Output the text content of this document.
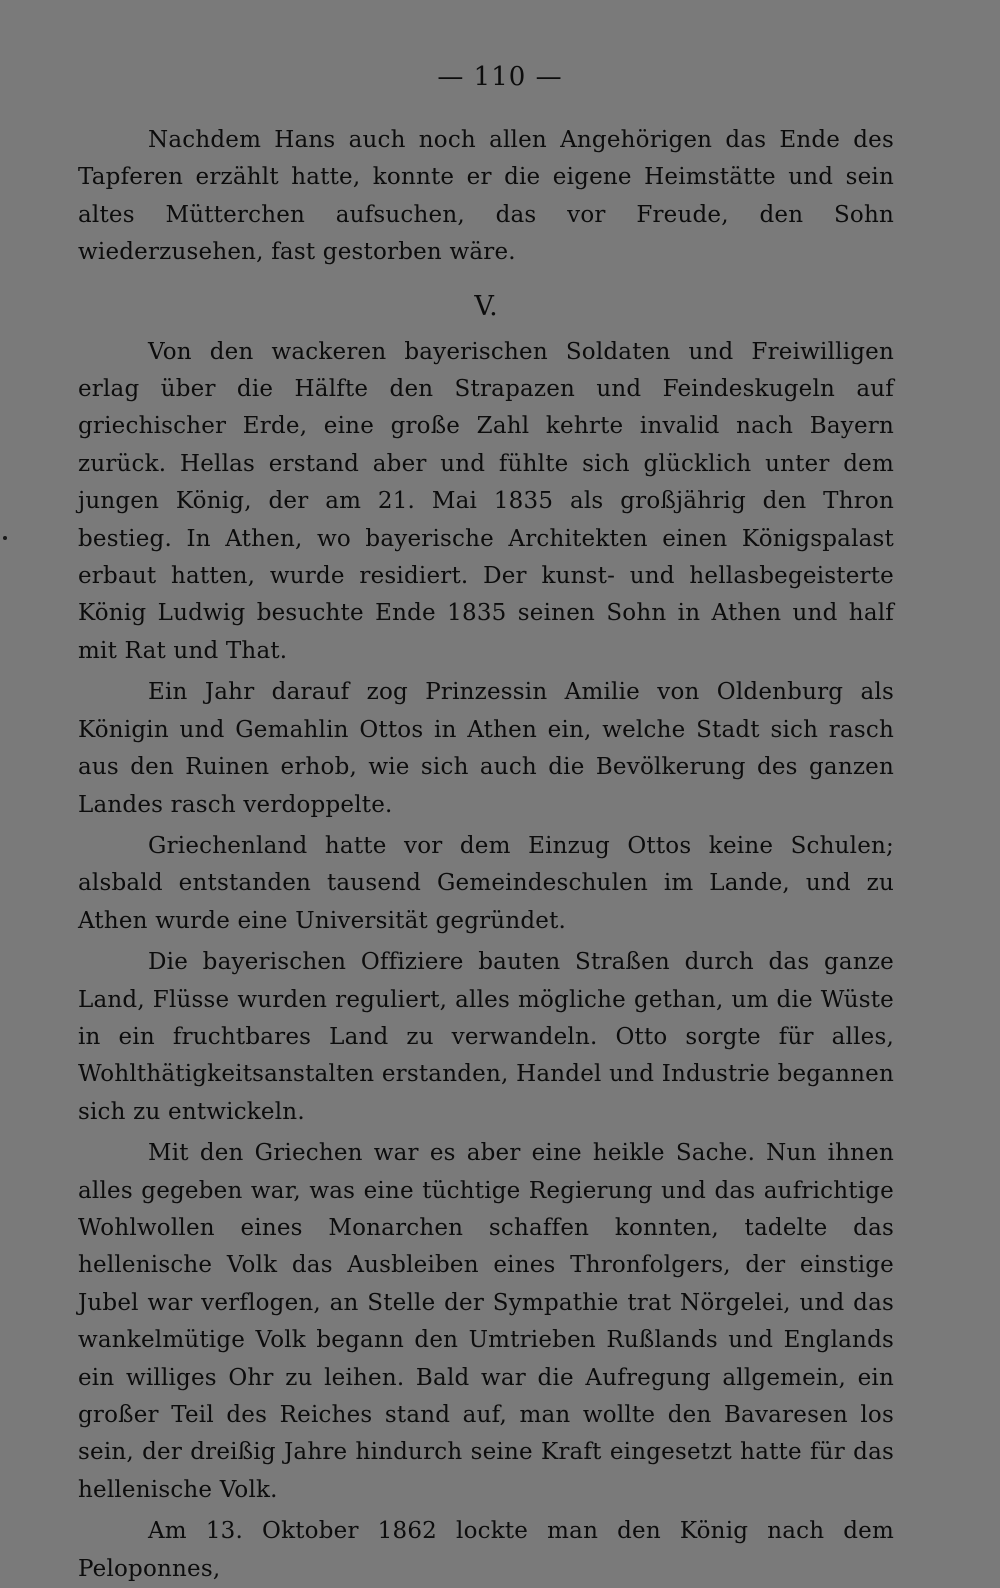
— 110 —

Nachdem Hans auch noch allen Angehörigen das Ende des Tapferen erzählt hatte, konnte er die eigene Heimstätte und sein altes Mütterchen aufsuchen, das vor Freude, den Sohn wiederzusehen, fast gestorben wäre.

V.

Von den wackeren bayerischen Soldaten und Freiwilligen erlag über die Hälfte den Strapazen und Feindeskugeln auf griechischer Erde, eine große Zahl kehrte invalid nach Bayern zurück. Hellas erstand aber und fühlte sich glücklich unter dem jungen König, der am 21. Mai 1835 als großjährig den Thron bestieg. In Athen, wo bayerische Architekten einen Königspalast erbaut hatten, wurde residiert. Der kunst- und hellasbegeisterte König Ludwig besuchte Ende 1835 seinen Sohn in Athen und half mit Rat und That.

Ein Jahr darauf zog Prinzessin Amilie von Oldenburg als Königin und Gemahlin Ottos in Athen ein, welche Stadt sich rasch aus den Ruinen erhob, wie sich auch die Bevölkerung des ganzen Landes rasch verdoppelte.

Griechenland hatte vor dem Einzug Ottos keine Schulen; alsbald entstanden tausend Gemeindeschulen im Lande, und zu Athen wurde eine Universität gegründet.

Die bayerischen Offiziere bauten Straßen durch das ganze Land, Flüsse wurden reguliert, alles mögliche gethan, um die Wüste in ein fruchtbares Land zu verwandeln. Otto sorgte für alles, Wohlthätigkeitsanstalten erstanden, Handel und Industrie begannen sich zu entwickeln.

Mit den Griechen war es aber eine heikle Sache. Nun ihnen alles gegeben war, was eine tüchtige Regierung und das aufrichtige Wohlwollen eines Monarchen schaffen konnten, tadelte das hellenische Volk das Ausbleiben eines Thronfolgers, der einstige Jubel war verflogen, an Stelle der Sympathie trat Nörgelei, und das wankelmütige Volk begann den Umtrieben Rußlands und Englands ein williges Ohr zu leihen. Bald war die Aufregung allgemein, ein großer Teil des Reiches stand auf, man wollte den Bavaresen los sein, der dreißig Jahre hindurch seine Kraft eingesetzt hatte für das hellenische Volk.

Am 13. Oktober 1862 lockte man den König nach dem Peloponnes,
